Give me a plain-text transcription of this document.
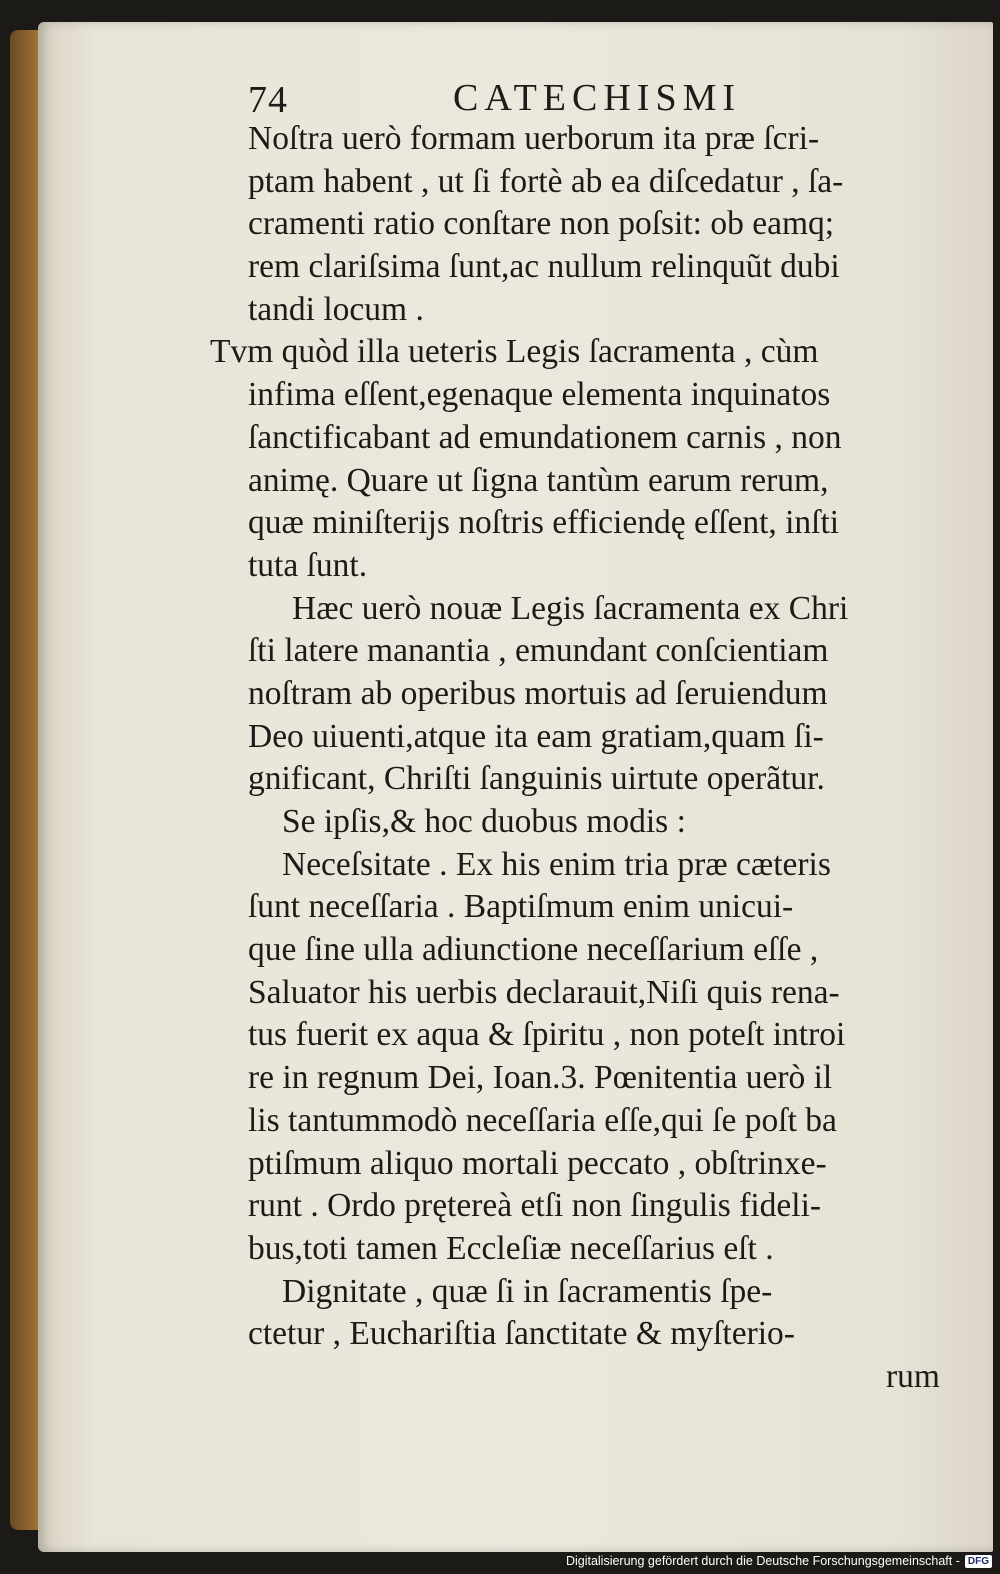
74	CATECHISMI
Noſtra uerò formam uerborum ita præ ſcri-
ptam habent , ut ſi fortè ab ea diſcedatur , ſa-
cramenti ratio conſtare non poſsit: ob eamq;
rem clariſsima ſunt,ac nullum relinquũt dubi
tandi locum .
Tvm quòd illa ueteris Legis ſacramenta , cùm
infima eſſent,egenaque elementa inquinatos
ſanctificabant ad emundationem carnis , non
animę. Quare ut ſigna tantùm earum rerum,
quæ miniſterijs noſtris efficiendę eſſent, inſti
tuta ſunt.
Hæc uerò nouæ Legis ſacramenta ex Chri
ſti latere manantia , emundant conſcientiam
noſtram ab operibus mortuis ad ſeruiendum
Deo uiuenti,atque ita eam gratiam,quam ſi-
gnificant, Chriſti ſanguinis uirtute operãtur.
Se ipſis,& hoc duobus modis :
Neceſsitate . Ex his enim tria præ cæteris
ſunt neceſſaria . Baptiſmum enim unicui-
que ſine ulla adiunctione neceſſarium eſſe ,
Saluator his uerbis declarauit,Niſi quis rena-
tus fuerit ex aqua & ſpiritu , non poteſt introi
re in regnum Dei, Ioan.3. Pœnitentia uerò il
lis tantummodò neceſſaria eſſe,qui ſe poſt ba
ptiſmum aliquo mortali peccato , obſtrinxe-
runt . Ordo prętereà etſi non ſingulis fideli-
bus,toti tamen Eccleſiæ neceſſarius eſt .
Dignitate , quæ ſi in ſacramentis ſpe-
ctetur , Euchariſtia ſanctitate & myſterio-
rum
Digitalisierung gefördert durch die Deutsche Forschungsgemeinschaft - DFG
